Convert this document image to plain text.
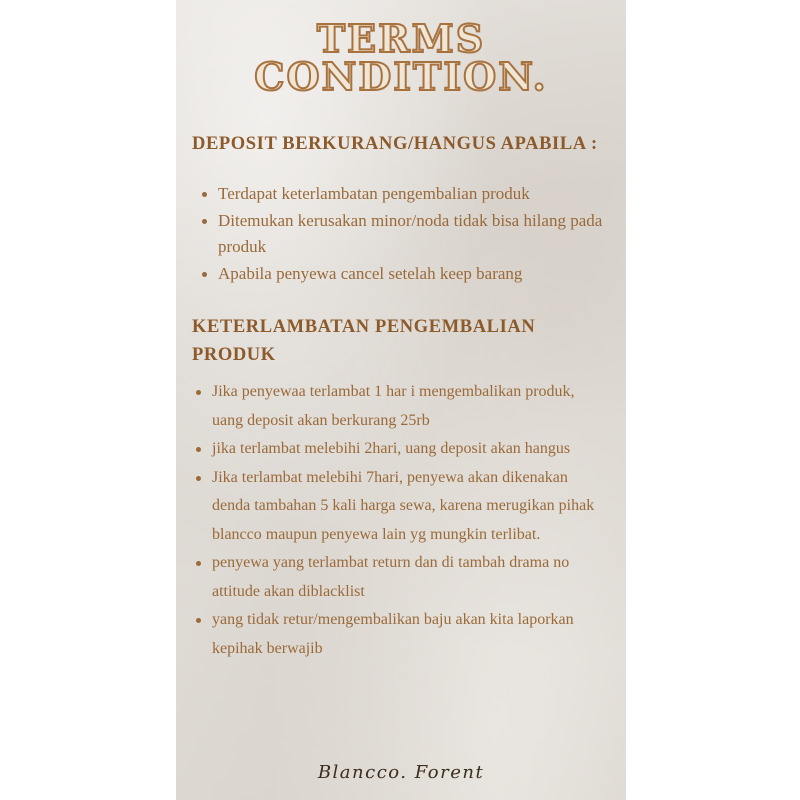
TERMS
CONDITION.
DEPOSIT BERKURANG/HANGUS APABILA :
Terdapat keterlambatan pengembalian produk
Ditemukan kerusakan minor/noda tidak bisa hilang pada produk
Apabila penyewa cancel setelah keep barang
KETERLAMBATAN PENGEMBALIAN PRODUK
Jika penyewaa terlambat 1 har i mengembalikan produk, uang deposit akan berkurang 25rb
jika terlambat melebihi 2hari, uang deposit akan hangus
Jika terlambat melebihi 7hari, penyewa akan dikenakan denda tambahan 5 kali harga sewa, karena merugikan pihak blancco maupun penyewa lain yg mungkin terlibat.
penyewa yang terlambat return dan di tambah drama no attitude akan diblacklist
yang tidak retur/mengembalikan baju akan kita laporkan kepihak berwajib
Blancco. Forent
